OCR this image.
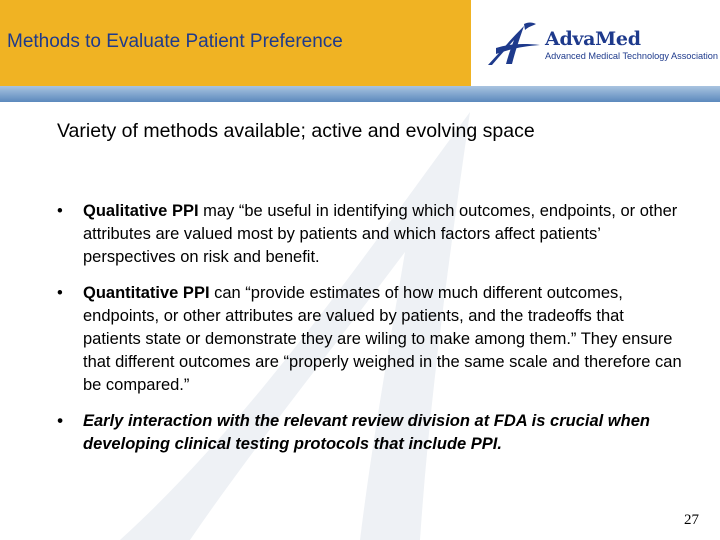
Methods to Evaluate Patient Preference	AdvaMed
Advanced Medical Technology Association
Variety of methods available; active and evolving space
• Qualitative PPI may “be useful in identifying which outcomes, endpoints, or other attributes are valued most by patients and which factors affect patients’ perspectives on risk and benefit.
• Quantitative PPI can “provide estimates of how much different outcomes, endpoints, or other attributes are valued by patients, and the tradeoffs that patients state or demonstrate they are wiling to make among them.” They ensure that different outcomes are “properly weighed in the same scale and therefore can be compared.”
• Early interaction with the relevant review division at FDA is crucial when developing clinical testing protocols that include PPI.
27
